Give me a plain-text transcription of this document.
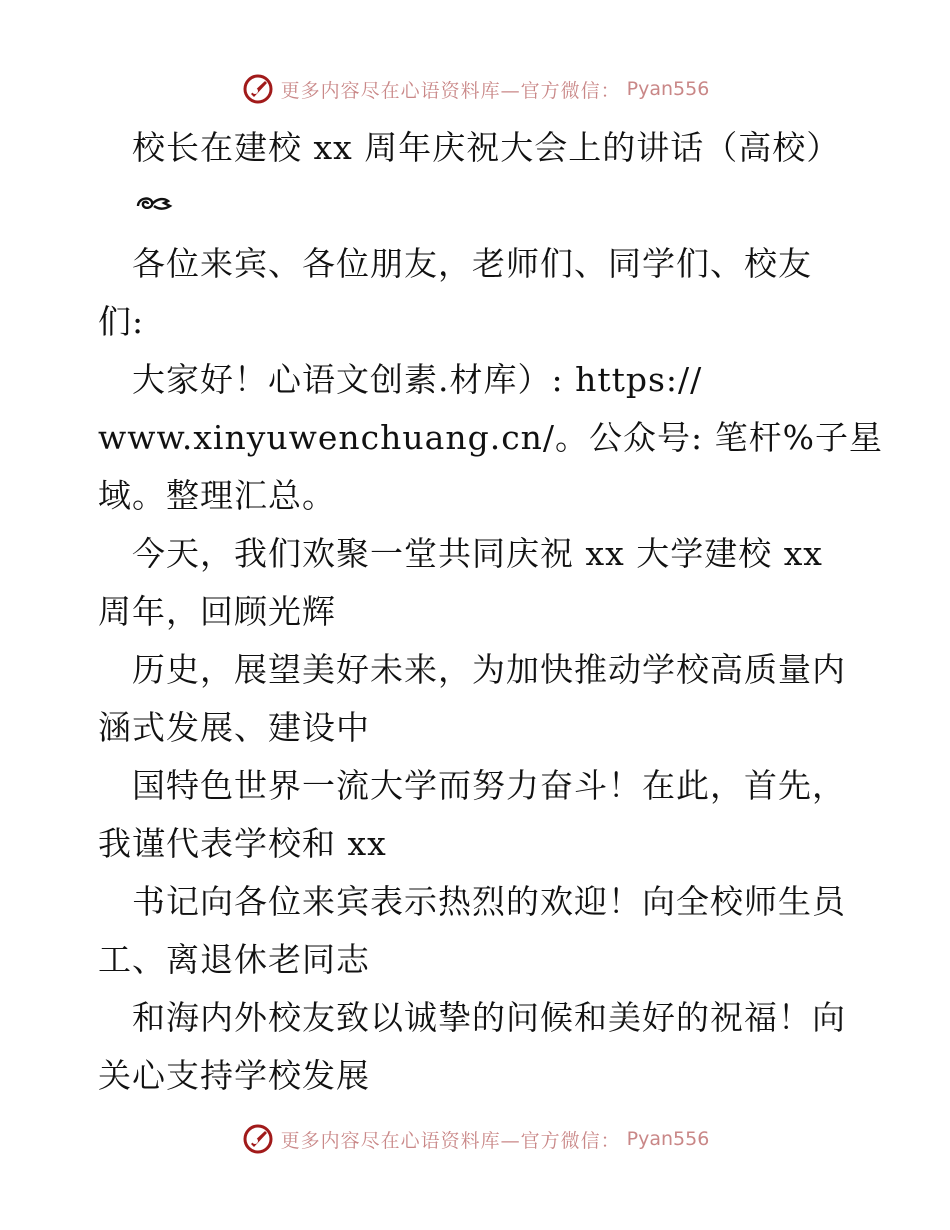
更多内容尽在心语资料库—官方微信： Pyan556
　校长在建校 xx 周年庆祝大会上的讲话（高校）
　各位来宾、各位朋友，老师们、同学们、校友
们:
　大家好！心语文创素.材库）: https://
www.xinyuwenchuang.cn/。公众号: 笔杆%子星
域。整理汇总。
　今天，我们欢聚一堂共同庆祝 xx 大学建校 xx
周年，回顾光辉
　历史，展望美好未来，为加快推动学校高质量内
涵式发展、建设中
　国特色世界一流大学而努力奋斗！在此，首先，
我谨代表学校和 xx
　书记向各位来宾表示热烈的欢迎！向全校师生员
工、离退休老同志
　和海内外校友致以诚挚的问候和美好的祝福！向
关心支持学校发展
更多内容尽在心语资料库—官方微信： Pyan556
